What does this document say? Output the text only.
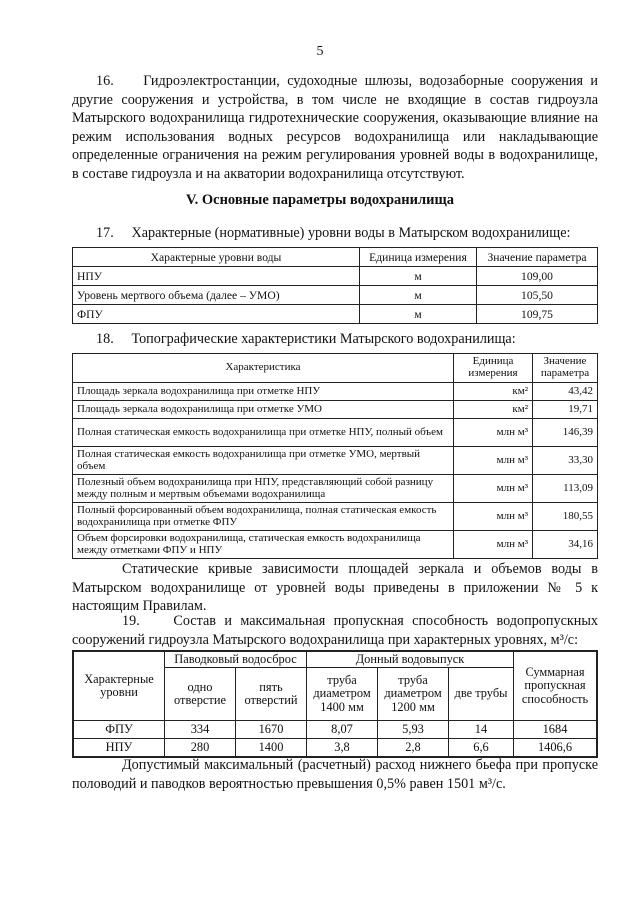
5
16.    Гидроэлектростанции, судоходные шлюзы, водозаборные сооружения и другие сооружения и устройства, в том числе не входящие в состав гидроузла Матырского водохранилища гидротехнические сооружения, оказывающие влияние на режим использования водных ресурсов водохранилища или накладывающие определенные ограничения на режим регулирования уровней воды в водохранилище, в составе гидроузла и на акватории водохранилища отсутствуют.
V. Основные параметры водохранилища
17.     Характерные (нормативные) уровни воды в Матырском водохранилище:
Характерные уровни воды	Единица измерения	Значение параметра
НПУ	м	109,00
Уровень мертвого объема (далее – УМО)	м	105,50
ФПУ	м	109,75
18.     Топографические характеристики Матырского водохранилища:
Характеристика	Единица измерения	Значение параметра
Площадь зеркала водохранилища при отметке НПУ	км²	43,42
Площадь зеркала водохранилища при отметке УМО	км²	19,71
Полная статическая емкость водохранилища при отметке НПУ, полный объем	млн м³	146,39
Полная статическая емкость водохранилища при отметке УМО, мертвый объем	млн м³	33,30
Полезный объем водохранилища при НПУ, представляющий собой разницу между полным и мертвым объемами водохранилища	млн м³	113,09
Полный форсированный объем водохранилища, полная статическая емкость водохранилища при отметке ФПУ	млн м³	180,55
Объем форсировки водохранилища, статическая емкость водохранилища между отметками ФПУ и НПУ	млн м³	34,16
Статические кривые зависимости площадей зеркала и объемов воды в Матырском водохранилище от уровней воды приведены в приложении № 5 к настоящим Правилам.
19.    Состав и максимальная пропускная способность водопропускных сооружений гидроузла Матырского водохранилища при характерных уровнях, м³/с:
Характерные уровни	Паводковый водосброс		Донный водовыпуск			Суммарная пропускная способность
	одно отверстие	пять отверстий	труба диаметром 1400 мм	труба диаметром 1200 мм	две трубы	
ФПУ	334	1670	8,07	5,93	14	1684
НПУ	280	1400	3,8	2,8	6,6	1406,6
Допустимый максимальный (расчетный) расход нижнего бьефа при пропуске половодий и паводков вероятностью превышения 0,5% равен 1501 м³/с.
